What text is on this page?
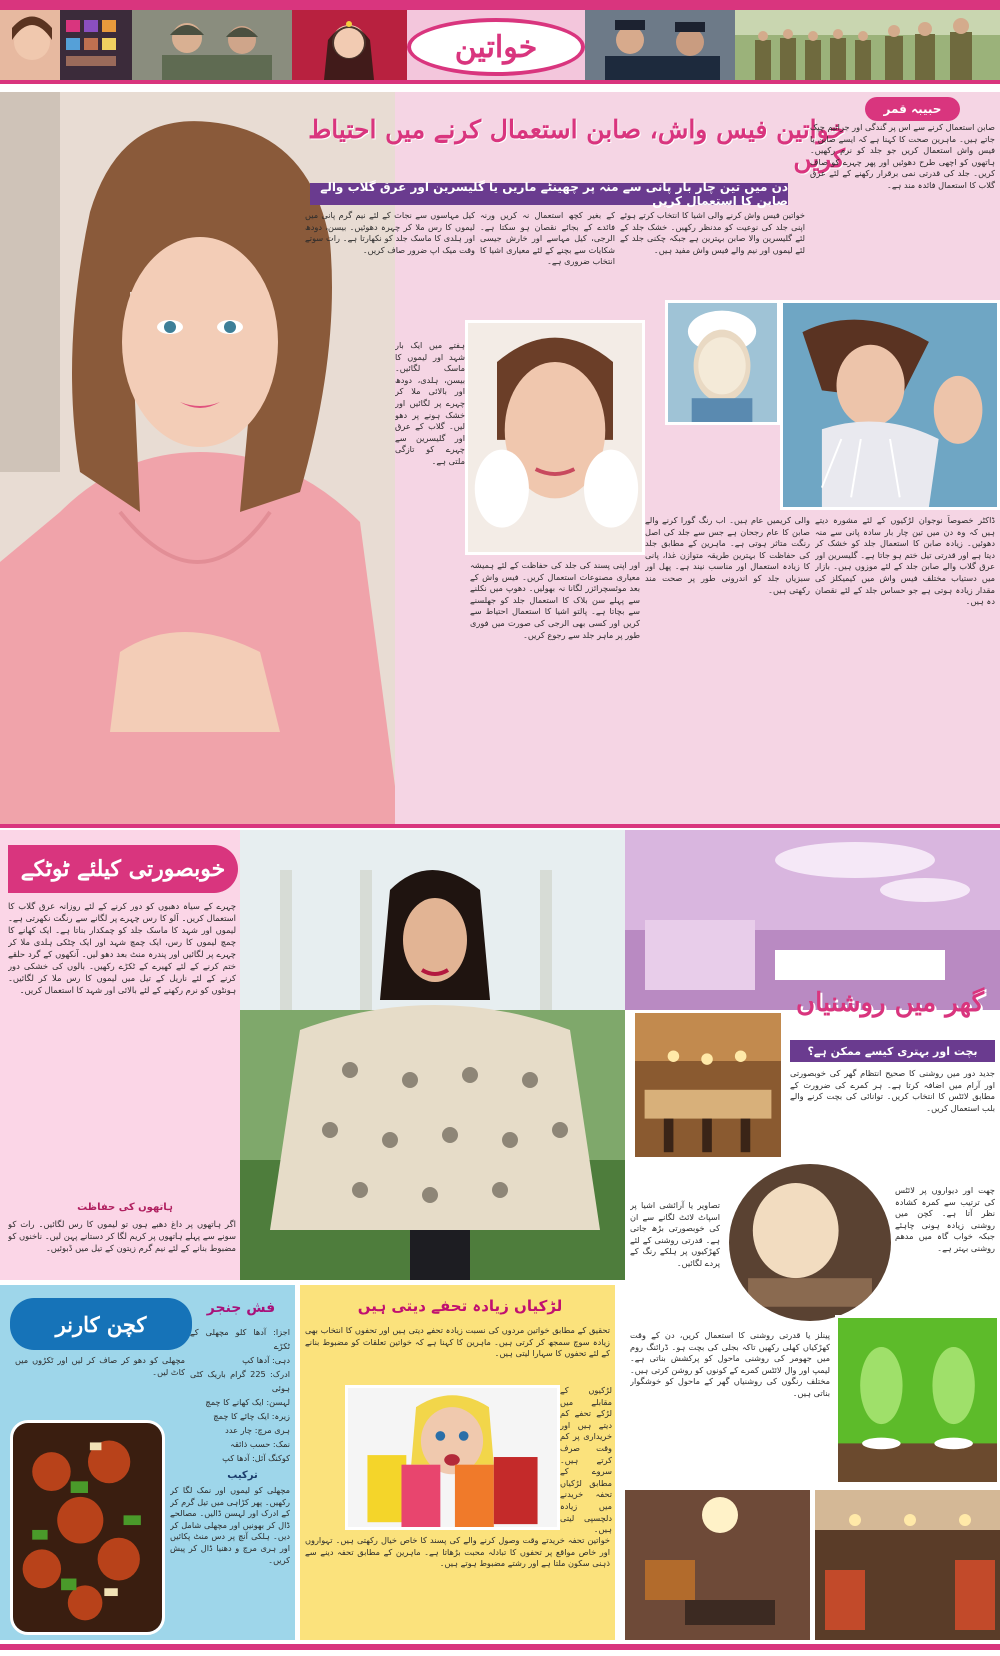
خواتین
حبیبہ قمر
خواتین فیس واش، صابن استعمال کرنے میں احتیاط کریں
دن میں تین چار بار پانی سے منہ پر چھینٹے ماریں یا گلیسرین اور عرق گلاب والے صابن کا استعمال کریں
صابن استعمال کرنے سے اس پر گندگی اور جراثیم چپک جاتے ہیں۔ ماہرین صحت کا کہنا ہے کہ ایسے صابن یا فیس واش استعمال کریں جو جلد کو نرم رکھیں۔ ہاتھوں کو اچھی طرح دھوئیں اور پھر چہرے کو صاف کریں۔ جلد کی قدرتی نمی برقرار رکھنے کے لئے عرق گلاب کا استعمال فائدہ مند ہے۔
خواتین فیس واش کرنے والی اشیا کا انتخاب کرتے ہوئے اپنی جلد کی نوعیت کو مدنظر رکھیں۔ خشک جلد کے لئے گلیسرین والا صابن بہترین ہے جبکہ چکنی جلد کے لئے لیموں اور نیم والے فیس واش مفید ہیں۔
کے بغیر کچھ استعمال نہ کریں ورنہ فائدے کے بجائے نقصان ہو سکتا ہے۔ الرجی، کیل مہاسے اور خارش جیسی شکایات سے بچنے کے لئے معیاری اشیا کا انتخاب ضروری ہے۔
کیل مہاسوں سے نجات کے لئے نیم گرم پانی میں لیموں کا رس ملا کر چہرہ دھوئیں۔ بیسن، دودھ اور ہلدی کا ماسک جلد کو نکھارتا ہے۔ رات سوتے وقت میک اپ ضرور صاف کریں۔
ہفتے میں ایک بار شہد اور لیموں کا ماسک لگائیں۔ بیسن، ہلدی، دودھ اور بالائی ملا کر چہرے پر لگائیں اور خشک ہونے پر دھو لیں۔ گلاب کے عرق اور گلیسرین سے چہرے کو تازگی ملتی ہے۔
ڈاکٹر خصوصاً نوجوان لڑکیوں کے لئے مشورہ دیتے ہیں کہ وہ دن میں تین چار بار سادہ پانی سے منہ دھوئیں۔ زیادہ صابن کا استعمال جلد کو خشک کر دیتا ہے اور قدرتی تیل ختم ہو جاتا ہے۔ گلیسرین اور عرق گلاب والے صابن جلد کے لئے موزوں ہیں۔ بازار میں دستیاب مختلف فیس واش میں کیمیکلز کی مقدار زیادہ ہوتی ہے جو حساس جلد کے لئے نقصان دہ ہیں۔
والی کریمیں عام ہیں۔ اب رنگ گورا کرنے والے صابن کا عام رجحان ہے جس سے جلد کی اصل رنگت متاثر ہوتی ہے۔ ماہرین کے مطابق جلد کی حفاظت کا بہترین طریقہ متوازن غذا، پانی کا زیادہ استعمال اور مناسب نیند ہے۔ پھل اور سبزیاں جلد کو اندرونی طور پر صحت مند رکھتی ہیں۔
اور اپنی پسند کی جلد کی حفاظت کے لئے ہمیشہ معیاری مصنوعات استعمال کریں۔ فیس واش کے بعد موئسچرائزر لگانا نہ بھولیں۔ دھوپ میں نکلنے سے پہلے سن بلاک کا استعمال جلد کو جھلسنے سے بچاتا ہے۔ پالتو اشیا کا استعمال احتیاط سے کریں اور کسی بھی الرجی کی صورت میں فوری طور پر ماہر جلد سے رجوع کریں۔
خوبصورتی کیلئے ٹوٹکے
چہرے کے سیاہ دھبوں کو دور کرنے کے لئے روزانہ عرق گلاب کا استعمال کریں۔ آلو کا رس چہرے پر لگانے سے رنگت نکھرتی ہے۔ لیموں اور شہد کا ماسک جلد کو چمکدار بناتا ہے۔ ایک کھانے کا چمچ لیموں کا رس، ایک چمچ شہد اور ایک چٹکی ہلدی ملا کر چہرے پر لگائیں اور پندرہ منٹ بعد دھو لیں۔ آنکھوں کے گرد حلقے ختم کرنے کے لئے کھیرے کے ٹکڑے رکھیں۔ بالوں کی خشکی دور کرنے کے لئے ناریل کے تیل میں لیموں کا رس ملا کر لگائیں۔ ہونٹوں کو نرم رکھنے کے لئے بالائی اور شہد کا استعمال کریں۔
ہاتھوں کی حفاظت
اگر ہاتھوں پر داغ دھبے ہوں تو لیموں کا رس لگائیں۔ رات کو سونے سے پہلے ہاتھوں پر کریم لگا کر دستانے پہن لیں۔ ناخنوں کو مضبوط بنانے کے لئے نیم گرم زیتون کے تیل میں ڈبوئیں۔
گھر میں روشنیاں
بچت اور بہتری کیسے ممکن ہے؟
جدید دور میں روشنی کا صحیح انتظام گھر کی خوبصورتی اور آرام میں اضافہ کرتا ہے۔ ہر کمرے کی ضرورت کے مطابق لائٹس کا انتخاب کریں۔ توانائی کی بچت کرنے والے بلب استعمال کریں۔
چھت اور دیواروں پر لائٹس کی ترتیب سے کمرہ کشادہ نظر آتا ہے۔ کچن میں روشنی زیادہ ہونی چاہئے جبکہ خواب گاہ میں مدھم روشنی بہتر ہے۔
تصاویر یا آرائشی اشیا پر اسپاٹ لائٹ لگانے سے ان کی خوبصورتی بڑھ جاتی ہے۔ قدرتی روشنی کے لئے کھڑکیوں پر ہلکے رنگ کے پردے لگائیں۔
پینلز یا قدرتی روشنی کا استعمال کریں، دن کے وقت کھڑکیاں کھلی رکھیں تاکہ بجلی کی بچت ہو۔ ڈرائنگ روم میں جھومر کی روشنی ماحول کو پرکشش بناتی ہے۔ لیمپ اور وال لائٹس کمرے کے کونوں کو روشن کرتی ہیں۔ مختلف رنگوں کی روشنیاں گھر کے ماحول کو خوشگوار بناتی ہیں۔
کچن کارنر
فش جنجر
مچھلی کو دھو کر صاف کر لیں اور ٹکڑوں میں کاٹ لیں۔
اجزا: آدھا کلو مچھلی کے ٹکڑے
دہی: آدھا کپ
ادرک: 225 گرام باریک کٹی ہوئی
لہسن: ایک کھانے کا چمچ
زیرہ: ایک چائے کا چمچ
ہری مرچ: چار عدد
نمک: حسب ذائقہ
کوکنگ آئل: آدھا کپ
ترکیب
مچھلی کو لیموں اور نمک لگا کر رکھیں۔ پھر کڑاہی میں تیل گرم کر کے ادرک اور لہسن ڈالیں۔ مصالحے ڈال کر بھونیں اور مچھلی شامل کر دیں۔ ہلکی آنچ پر دس منٹ پکائیں اور ہری مرچ و دھنیا ڈال کر پیش کریں۔
لڑکیاں زیادہ تحفے دیتی ہیں
تحقیق کے مطابق خواتین مردوں کی نسبت زیادہ تحفے دیتی ہیں اور تحفوں کا انتخاب بھی زیادہ سوچ سمجھ کر کرتی ہیں۔ ماہرین کا کہنا ہے کہ خواتین تعلقات کو مضبوط بنانے کے لئے تحفوں کا سہارا لیتی ہیں۔
لڑکیوں کے مقابلے میں لڑکے تحفے کم دیتے ہیں اور خریداری پر کم وقت صرف کرتے ہیں۔ سروے کے مطابق لڑکیاں تحفہ خریدنے میں زیادہ دلچسپی لیتی ہیں۔
خواتین تحفہ خریدتے وقت وصول کرنے والے کی پسند کا خاص خیال رکھتی ہیں۔ تہواروں اور خاص مواقع پر تحفوں کا تبادلہ محبت بڑھاتا ہے۔ ماہرین کے مطابق تحفہ دینے سے ذہنی سکون ملتا ہے اور رشتے مضبوط ہوتے ہیں۔
